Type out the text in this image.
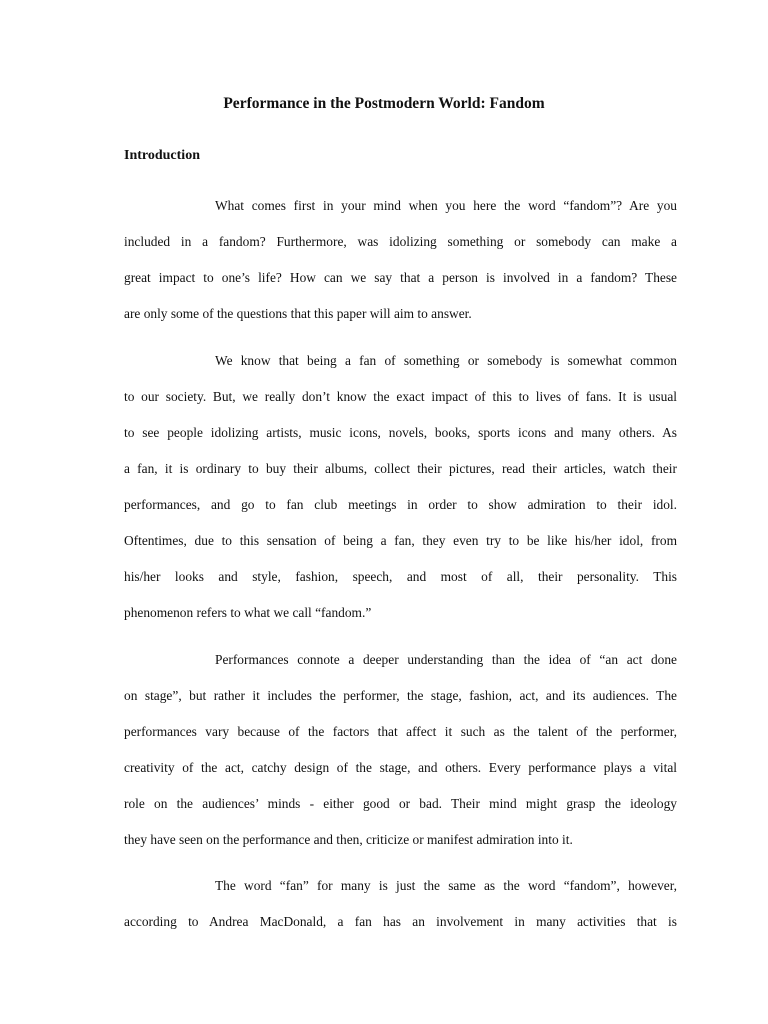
Performance in the Postmodern World: Fandom
Introduction
What comes first in your mind when you here the word “fandom”? Are you
included in a fandom? Furthermore, was idolizing something or somebody can make a
great impact to one’s life? How can we say that a person is involved in a fandom? These
are only some of the questions that this paper will aim to answer.
We know that being a fan of something or somebody is somewhat common
to our society. But, we really don’t know the exact impact of this to lives of fans. It is usual
to see people idolizing artists, music icons, novels, books, sports icons and many others. As
a fan, it is ordinary to buy their albums, collect their pictures, read their articles, watch their
performances, and go to fan club meetings in order to show admiration to their idol.
Oftentimes, due to this sensation of being a fan, they even try to be like his/her idol, from
his/her looks and style, fashion, speech, and most of all, their personality. This
phenomenon refers to what we call “fandom.”
Performances connote a deeper understanding than the idea of “an act done
on stage”, but rather it includes the performer, the stage, fashion, act, and its audiences. The
performances vary because of the factors that affect it such as the talent of the performer,
creativity of the act, catchy design of the stage, and others. Every performance plays a vital
role on the audiences’ minds - either good or bad. Their mind might grasp the ideology
they have seen on the performance and then, criticize or manifest admiration into it.
The word “fan” for many is just the same as the word “fandom”, however,
according to Andrea MacDonald, a fan has an involvement in many activities that is
